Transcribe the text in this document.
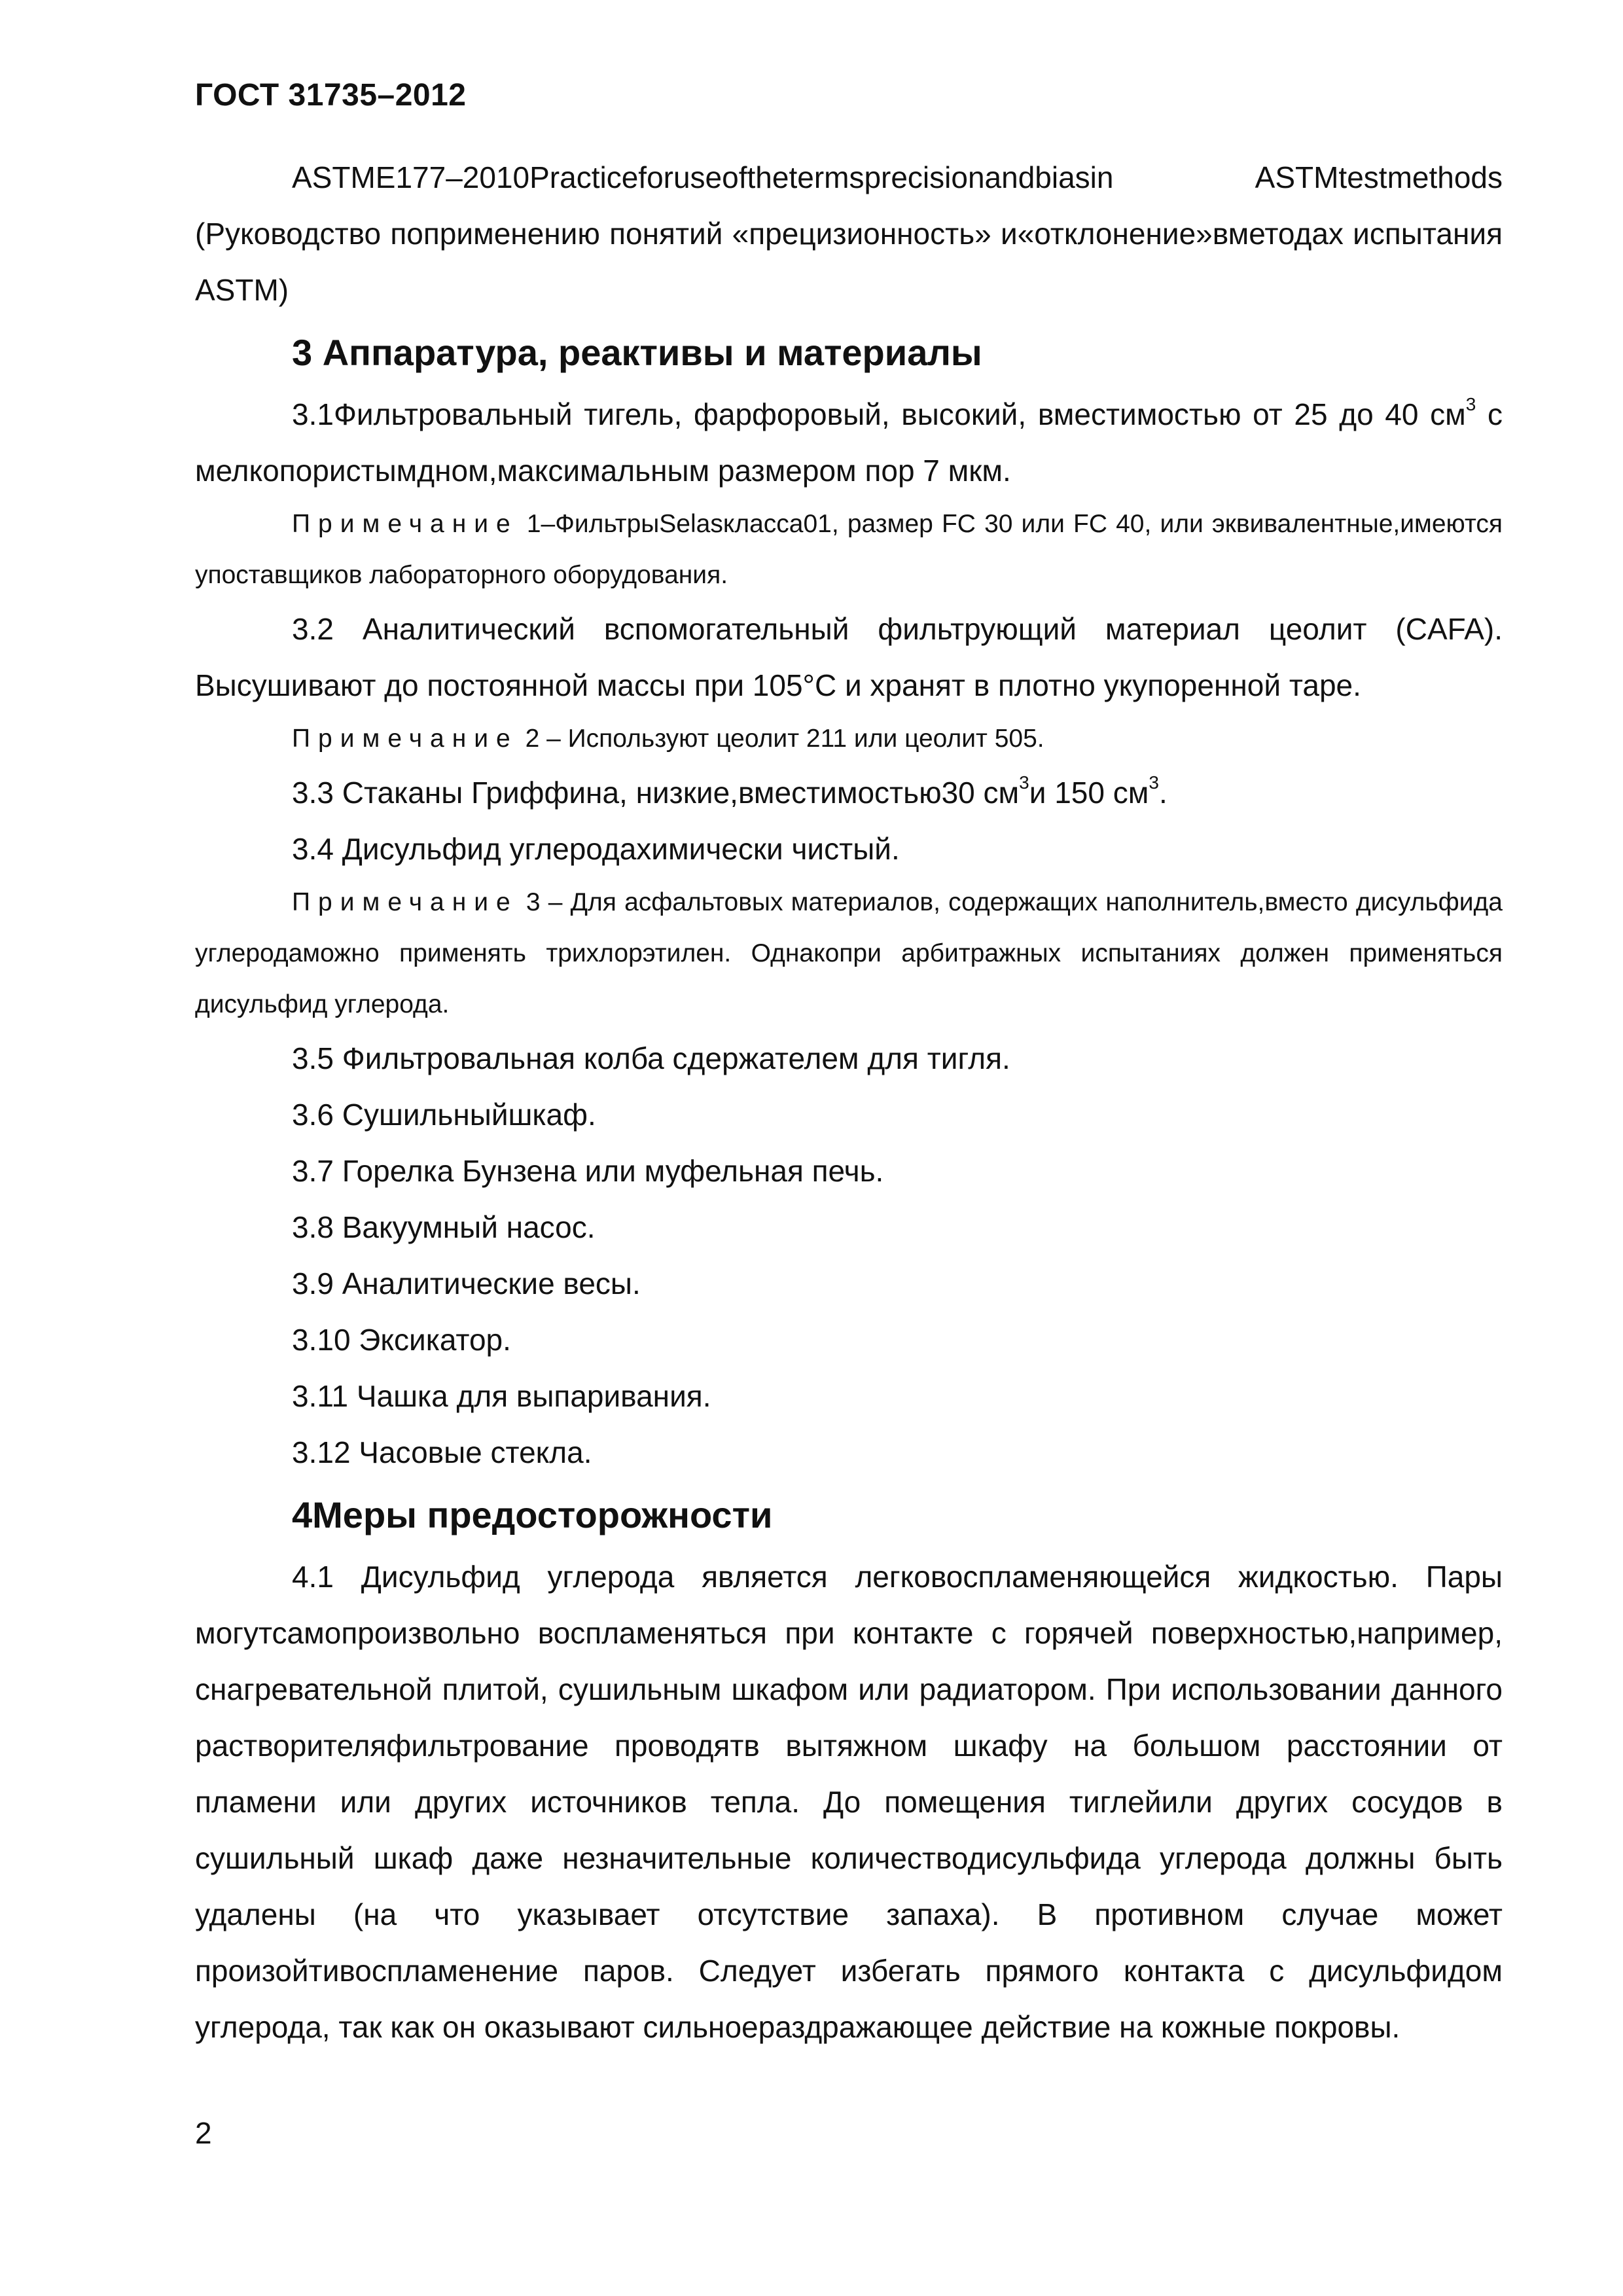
ГОСТ 31735–2012

ASTME177–2010Practiceforuseofthetermsprecisionandbiasin ASTMtestmethods (Руководство поприменению понятий «прецизионность» и«отклонение»вметодах испытания ASTM)

3 Аппаратура, реактивы и материалы

3.1Фильтровальный тигель, фарфоровый, высокий, вместимостью от 25 до 40 $см^3$ с мелкопористымдном,максимальным размером пор 7 мкм.

Примечание 1–ФильтрыSelasкласса01, размер FC 30 или FC 40, или эквивалентные,имеются упоставщиков лабораторного оборудования.

3.2 Аналитический вспомогательный фильтрующий материал цеолит (CAFA). Высушивают до постоянной массы при 105°C и хранят в плотно укупоренной таре.

Примечание 2 – Используют цеолит 211 или цеолит 505.

3.3 Стаканы Гриффина, низкие,вместимостью30 $см^3и$ 150 $см^3$.

3.4 Дисульфид углеродахимически чистый.

Примечание 3 – Для асфальтовых материалов, содержащих наполнитель,вместо дисульфида углеродаможно применять трихлорэтилен. Однакопри арбитражных испытаниях должен применяться дисульфид углерода.

3.5 Фильтровальная колба сдержателем для тигля.

3.6 Сушильныйшкаф.

3.7 Горелка Бунзена или муфельная печь.

3.8 Вакуумный насос.

3.9 Аналитические весы.

3.10 Эксикатор.

3.11 Чашка для выпаривания.

3.12 Часовые стекла.

4Меры предосторожности

4.1 Дисульфид углерода является легковоспламеняющейся жидкостью. Пары могутсамопроизвольно воспламеняться при контакте с горячей поверхностью,например, снагревательной плитой, сушильным шкафом или радиатором. При использовании данного растворителяфильтрование проводятв вытяжном шкафу на большом расстоянии от пламени или других источников тепла. До помещения тиглейили других сосудов в сушильный шкаф даже незначительные количестводисульфида углерода должны быть удалены (на что указывает отсутствие запаха). В противном случае может произойтивоспламенение паров. Следует избегать прямого контакта с дисульфидом углерода, так как он оказывают сильноераздражающее действие на кожные покровы.

2
